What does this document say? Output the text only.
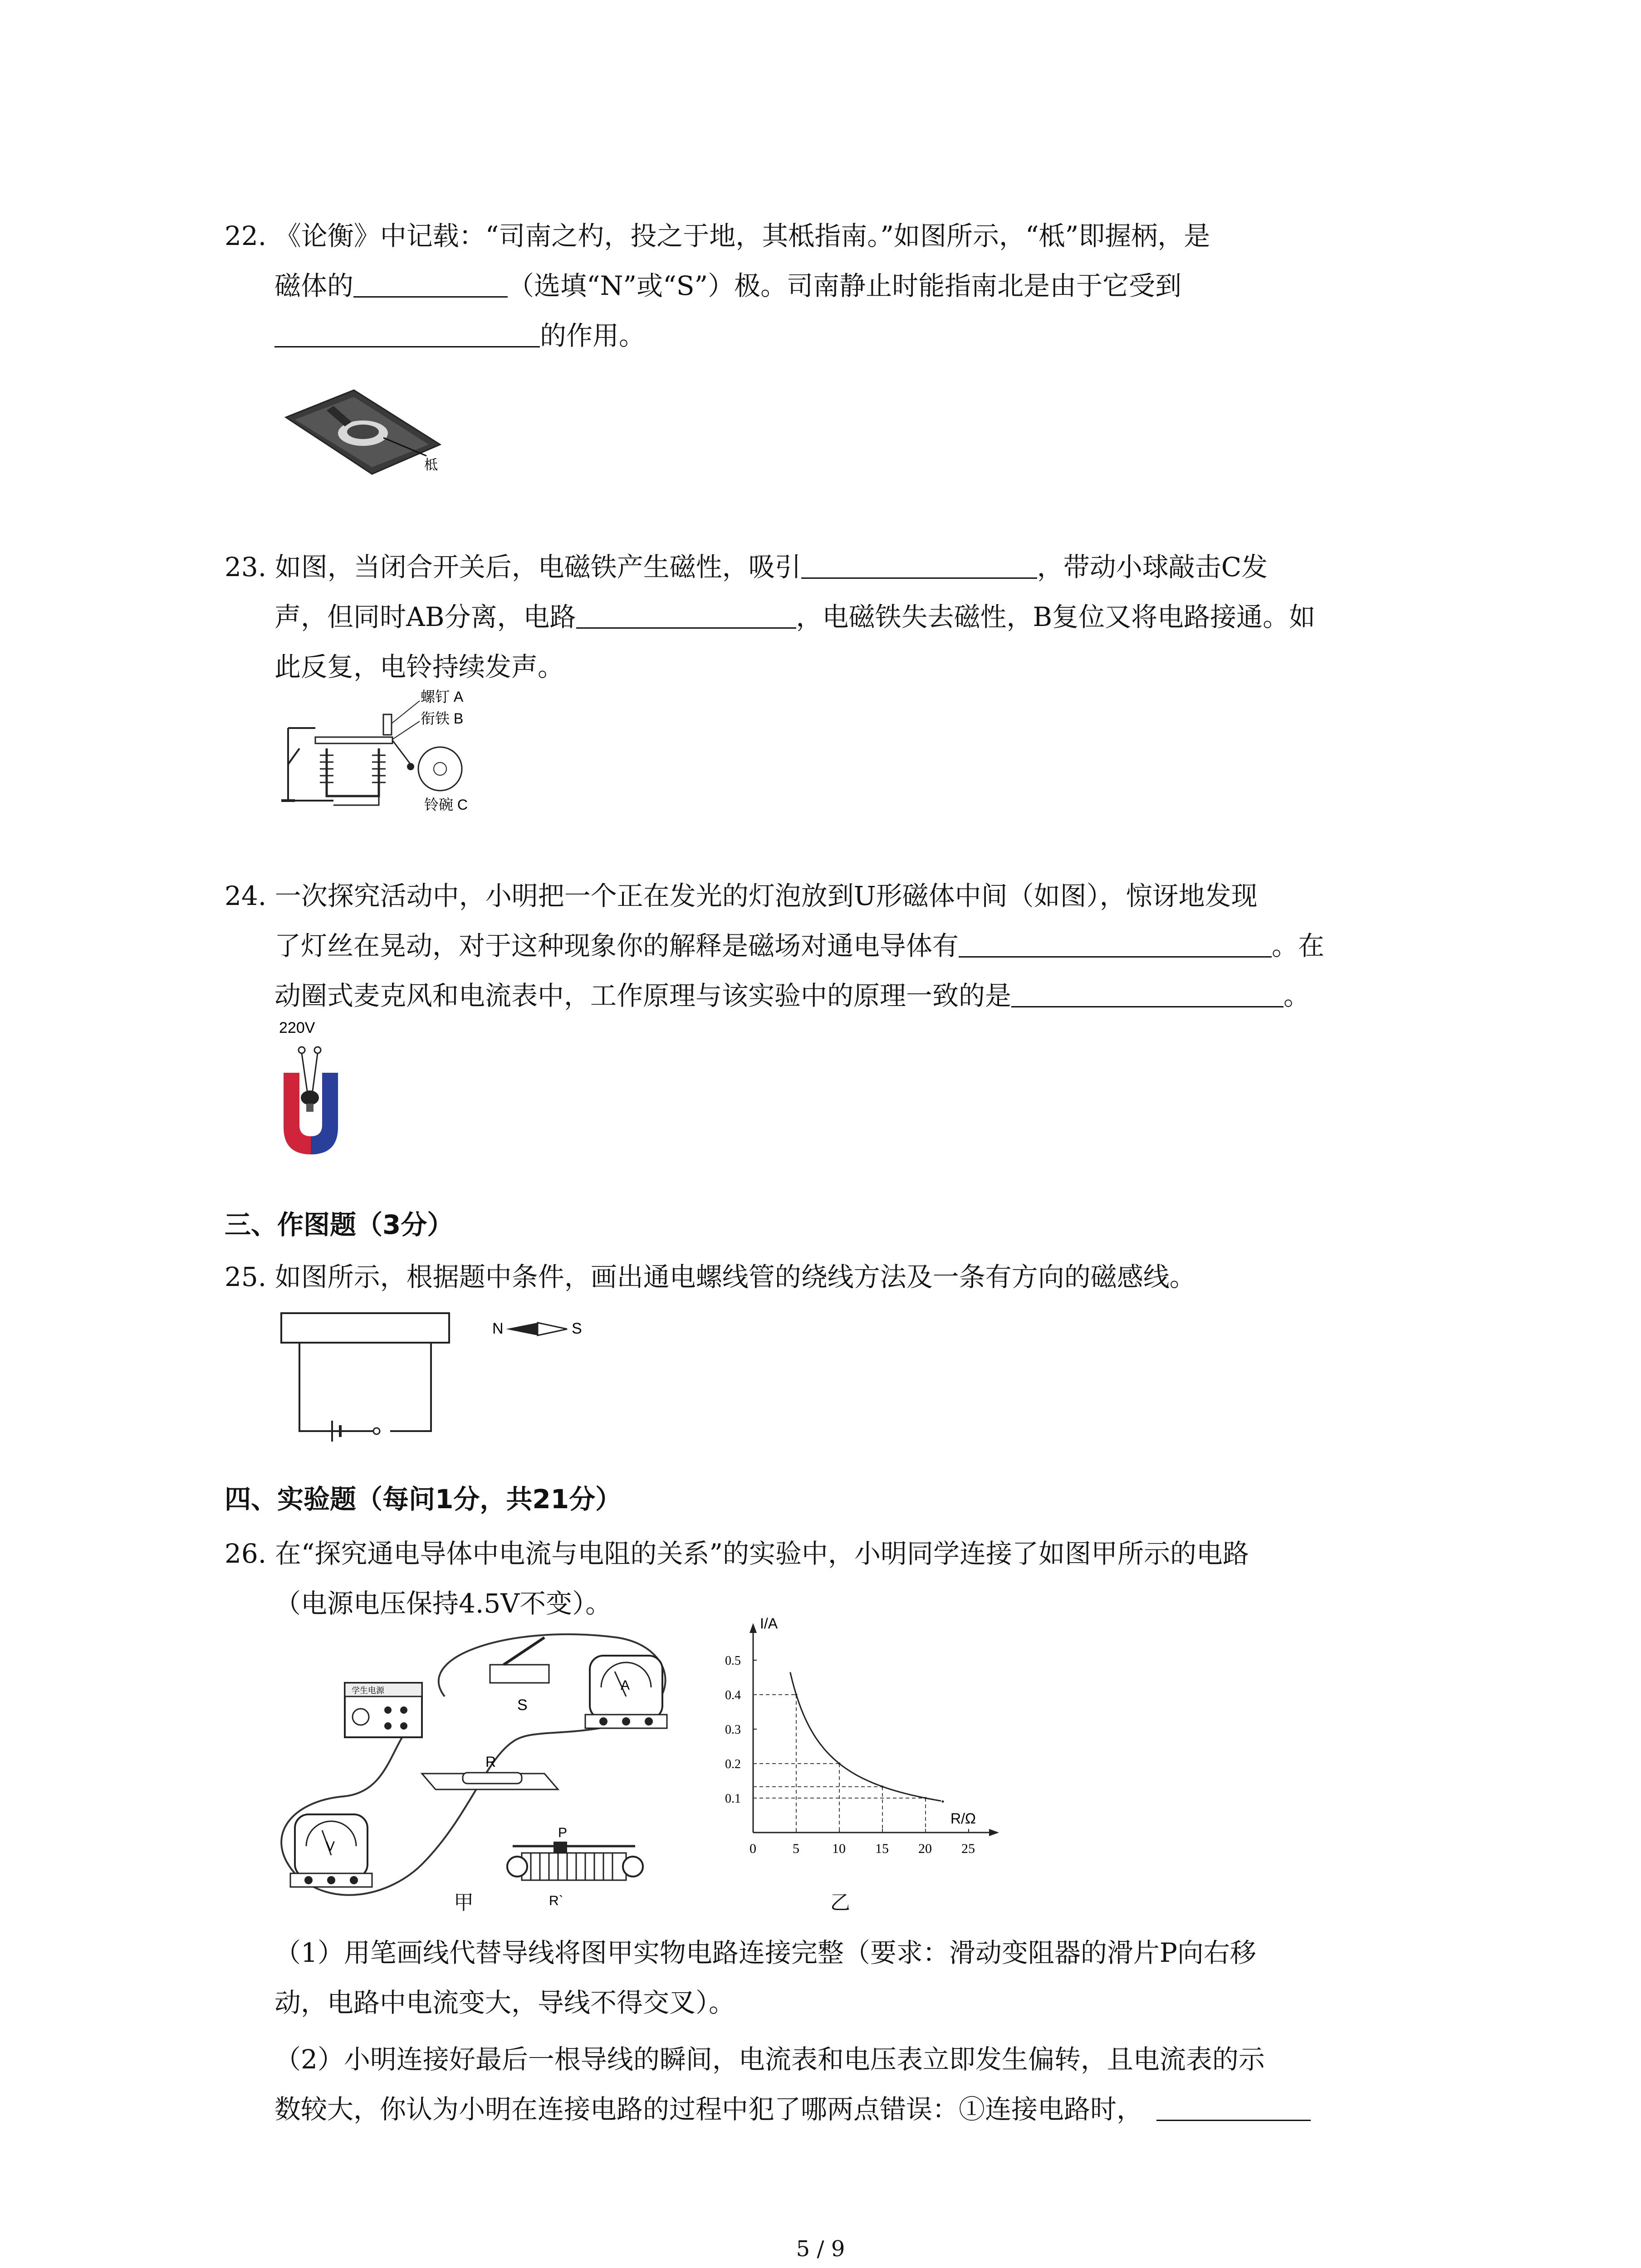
22. 《论衡》中记载：“司南之杓，投之于地，其柢指南。”如图所示，“柢”即握柄，是
磁体的	（选填“N”或“S”）极。司南静止时能指南北是由于它受到
的作用。
柢
23. 如图，当闭合开关后，电磁铁产生磁性，吸引	，带动小球敲击C发
声，但同时AB分离，电路	，电磁铁失去磁性，B复位又将电路接通。如
此反复，电铃持续发声。
螺钉 A
衔铁 B
铃碗 C
24. 一次探究活动中，小明把一个正在发光的灯泡放到U形磁体中间（如图），惊讶地发现
了灯丝在晃动，对于这种现象你的解释是磁场对通电导体有	。在
动圈式麦克风和电流表中，工作原理与该实验中的原理一致的是	。
220V
三、作图题（3分）
25. 如图所示，根据题中条件，画出通电螺线管的绕线方法及一条有方向的磁感线。
N	S
四、实验题（每问1分，共21分）
26. 在“探究通电导体中电流与电阻的关系”的实验中，小明同学连接了如图甲所示的电路
（电源电压保持4.5V不变）。
学生电源
S
A
R
V
P
R`
甲
I/A
R/Ω
0	5 10 15 20 25
0.1
0.2
0.3
0.4
0.5
乙
（1）用笔画线代替导线将图甲实物电路连接完整（要求：滑动变阻器的滑片P向右移
动，电路中电流变大，导线不得交叉）。
（2）小明连接好最后一根导线的瞬间，电流表和电压表立即发生偏转，且电流表的示
数较大，你认为小明在连接电路的过程中犯了哪两点错误：①连接电路时，
5 / 9
